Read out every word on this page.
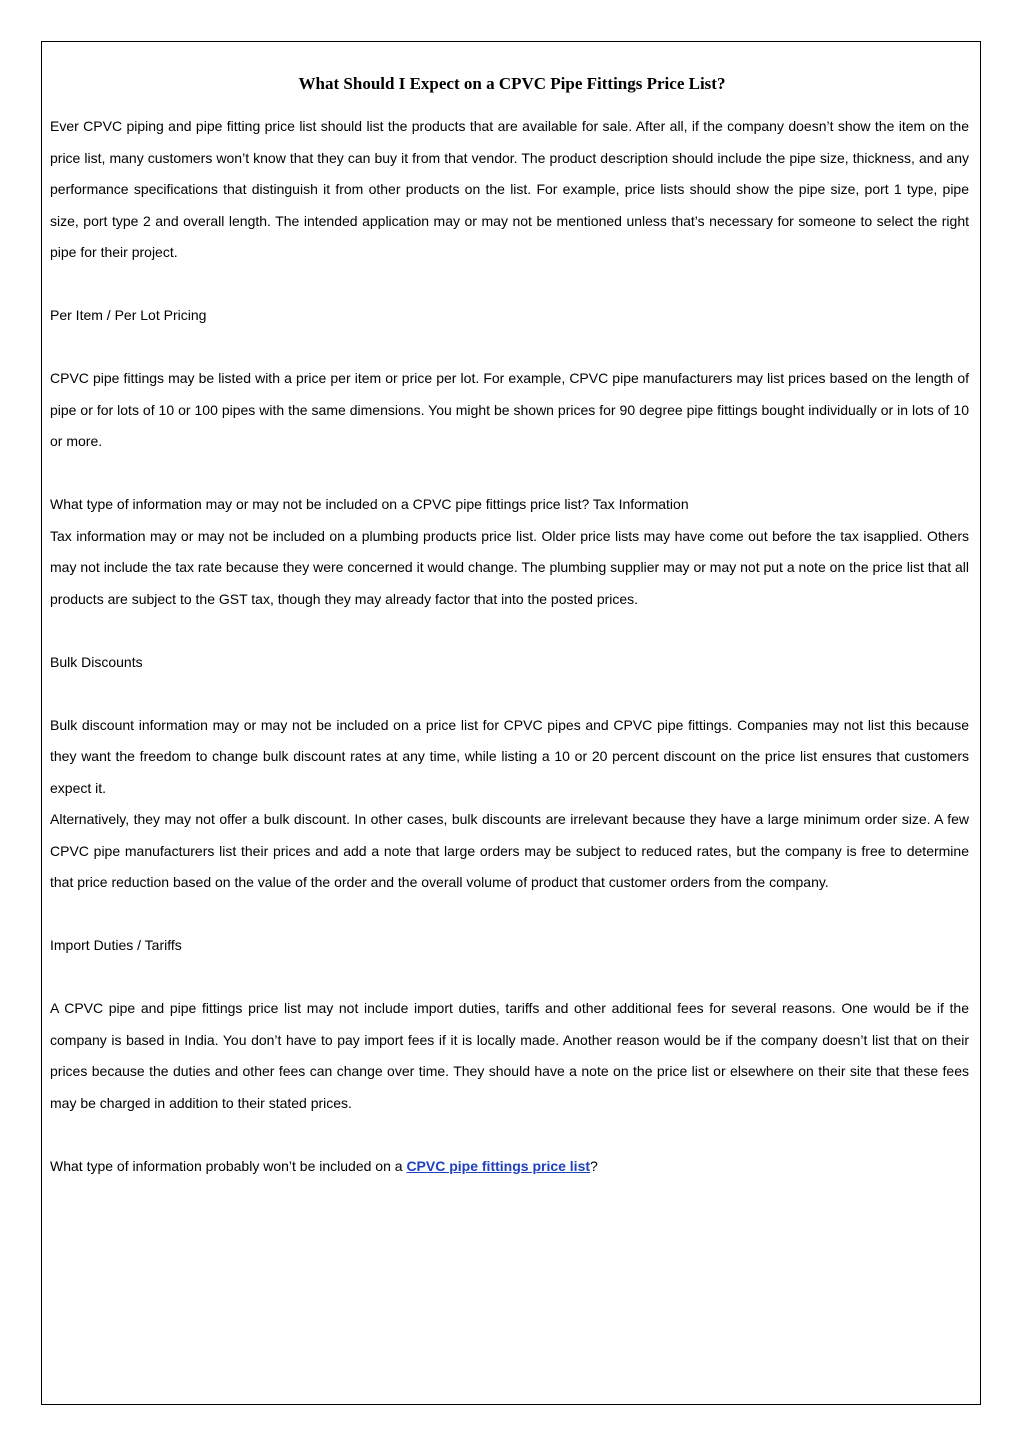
What Should I Expect on a CPVC Pipe Fittings Price List?

Ever CPVC piping and pipe fitting price list should list the products that are available for sale. After all, if the company doesn’t show the item on the price list, many customers won’t know that they can buy it from that vendor. The product description should include the pipe size, thickness, and any performance specifications that distinguish it from other products on the list. For example, price lists should show the pipe size, port 1 type, pipe size, port type 2 and overall length. The intended application may or may not be mentioned unless that’s necessary for someone to select the right pipe for their project.

Per Item / Per Lot Pricing

CPVC pipe fittings may be listed with a price per item or price per lot. For example, CPVC pipe manufacturers may list prices based on the length of pipe or for lots of 10 or 100 pipes with the same dimensions. You might be shown prices for 90 degree pipe fittings bought individually or in lots of 10 or more.

What type of information may or may not be included on a CPVC pipe fittings price list? Tax Information

Tax information may or may not be included on a plumbing products price list. Older price lists may have come out before the tax isapplied. Others may not include the tax rate because they were concerned it would change. The plumbing supplier may or may not put a note on the price list that all products are subject to the GST tax, though they may already factor that into the posted prices.

Bulk Discounts

Bulk discount information may or may not be included on a price list for CPVC pipes and CPVC pipe fittings. Companies may not list this because they want the freedom to change bulk discount rates at any time, while listing a 10 or 20 percent discount on the price list ensures that customers expect it.

Alternatively, they may not offer a bulk discount. In other cases, bulk discounts are irrelevant because they have a large minimum order size. A few CPVC pipe manufacturers list their prices and add a note that large orders may be subject to reduced rates, but the company is free to determine that price reduction based on the value of the order and the overall volume of product that customer orders from the company.

Import Duties / Tariffs

A CPVC pipe and pipe fittings price list may not include import duties, tariffs and other additional fees for several reasons. One would be if the company is based in India. You don’t have to pay import fees if it is locally made. Another reason would be if the company doesn’t list that on their prices because the duties and other fees can change over time. They should have a note on the price list or elsewhere on their site that these fees may be charged in addition to their stated prices.

What type of information probably won’t be included on a CPVC pipe fittings price list?
